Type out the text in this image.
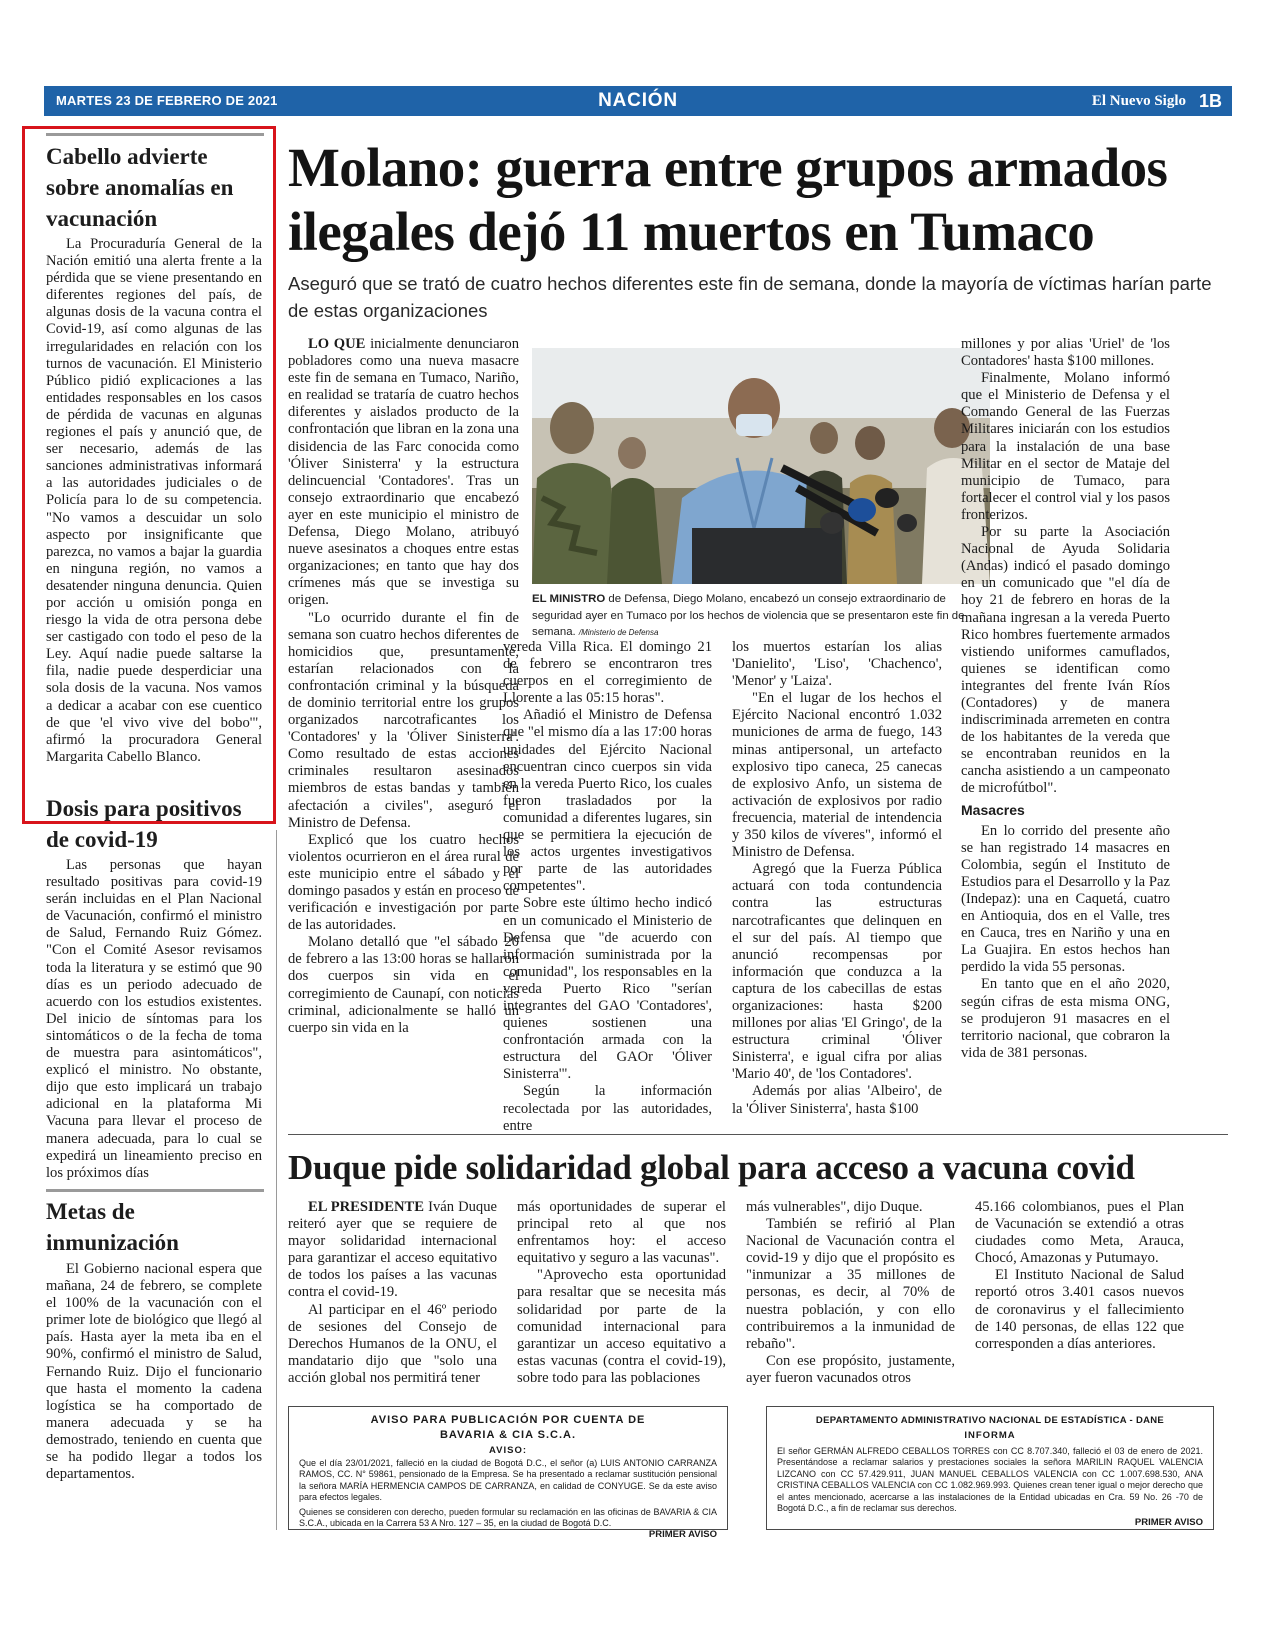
MARTES 23 DE FEBRERO DE 2021	NACIÓN	El Nuevo Siglo 1B
Cabello advierte sobre anomalías en vacunación

La Procuraduría General de la Nación emitió una alerta frente a la pérdida que se viene presentando en diferentes regiones del país, de algunas dosis de la vacuna contra el Covid-19, así como algunas de las irregularidades en relación con los turnos de vacunación. El Ministerio Público pidió explicaciones a las entidades responsables en los casos de pérdida de vacunas en algunas regiones el país y anunció que, de ser necesario, además de las sanciones administrativas informará a las autoridades judiciales o de Policía para lo de su competencia. "No vamos a descuidar un solo aspecto por insignificante que parezca, no vamos a bajar la guardia en ninguna región, no vamos a desatender ninguna denuncia. Quien por acción u omisión ponga en riesgo la vida de otra persona debe ser castigado con todo el peso de la Ley. Aquí nadie puede saltarse la fila, nadie puede desperdiciar una sola dosis de la vacuna. Nos vamos a dedicar a acabar con ese cuentico de que 'el vivo vive del bobo'", afirmó la procuradora General Margarita Cabello Blanco.

Dosis para positivos de covid-19

Las personas que hayan resultado positivas para covid-19 serán incluidas en el Plan Nacional de Vacunación, confirmó el ministro de Salud, Fernando Ruiz Gómez. "Con el Comité Asesor revisamos toda la literatura y se estimó que 90 días es un periodo adecuado de acuerdo con los estudios existentes. Del inicio de síntomas para los sintomáticos o de la fecha de toma de muestra para asintomáticos", explicó el ministro. No obstante, dijo que esto implicará un trabajo adicional en la plataforma Mi Vacuna para llevar el proceso de manera adecuada, para lo cual se expedirá un lineamiento preciso en los próximos días

Metas de inmunización

El Gobierno nacional espera que mañana, 24 de febrero, se complete el 100% de la vacunación con el primer lote de biológico que llegó al país. Hasta ayer la meta iba en el 90%, confirmó el ministro de Salud, Fernando Ruiz. Dijo el funcionario que hasta el momento la cadena logística se ha comportado de manera adecuada y se ha demostrado, teniendo en cuenta que se ha podido llegar a todos los departamentos.

Molano: guerra entre grupos armados ilegales dejó 11 muertos en Tumaco

Aseguró que se trató de cuatro hechos diferentes este fin de semana, donde la mayoría de víctimas harían parte de estas organizaciones

LO QUE inicialmente denunciaron pobladores como una nueva masacre este fin de semana en Tumaco, Nariño, en realidad se trataría de cuatro hechos diferentes y aislados producto de la confrontación que libran en la zona una disidencia de las Farc conocida como 'Óliver Sinisterra' y la estructura delincuencial 'Contadores'. Tras un consejo extraordinario que encabezó ayer en este municipio el ministro de Defensa, Diego Molano, atribuyó nueve asesinatos a choques entre estas organizaciones; en tanto que hay dos crímenes más que se investiga su origen.

"Lo ocurrido durante el fin de semana son cuatro hechos diferentes de homicidios que, presuntamente, estarían relacionados con la confrontación criminal y la búsqueda de dominio territorial entre los grupos organizados narcotraficantes los 'Contadores' y la 'Óliver Sinisterra'. Como resultado de estas acciones criminales resultaron asesinados miembros de estas bandas y también afectación a civiles", aseguró el Ministro de Defensa.

Explicó que los cuatro hechos violentos ocurrieron en el área rural de este municipio entre el sábado y el domingo pasados y están en proceso de verificación e investigación por parte de las autoridades.

Molano detalló que "el sábado 20 de febrero a las 13:00 horas se hallaron dos cuerpos sin vida en el corregimiento de Caunapí, con noticias criminal, adicionalmente se halló un cuerpo sin vida en la

EL MINISTRO de Defensa, Diego Molano, encabezó un consejo extraordinario de seguridad ayer en Tumaco por los hechos de violencia que se presentaron este fin de semana. /Ministerio de Defensa

vereda Villa Rica. El domingo 21 de febrero se encontraron tres cuerpos en el corregimiento de Llorente a las 05:15 horas".

Añadió el Ministro de Defensa que "el mismo día a las 17:00 horas unidades del Ejército Nacional encuentran cinco cuerpos sin vida en la vereda Puerto Rico, los cuales fueron trasladados por la comunidad a diferentes lugares, sin que se permitiera la ejecución de los actos urgentes investigativos por parte de las autoridades competentes".

Sobre este último hecho indicó en un comunicado el Ministerio de Defensa que "de acuerdo con información suministrada por la comunidad", los responsables en la vereda Puerto Rico "serían integrantes del GAO 'Contadores', quienes sostienen una confrontación armada con la estructura del GAOr 'Óliver Sinisterra'".

Según la información recolectada por las autoridades, entre

los muertos estarían los alias 'Danielito', 'Liso', 'Chachenco', 'Menor' y 'Laiza'.

"En el lugar de los hechos el Ejército Nacional encontró 1.032 municiones de arma de fuego, 143 minas antipersonal, un artefacto explosivo tipo caneca, 25 canecas de explosivo Anfo, un sistema de activación de explosivos por radio frecuencia, material de intendencia y 350 kilos de víveres", informó el Ministro de Defensa.

Agregó que la Fuerza Pública actuará con toda contundencia contra las estructuras narcotraficantes que delinquen en el sur del país. Al tiempo que anunció recompensas por información que conduzca a la captura de los cabecillas de estas organizaciones: hasta $200 millones por alias 'El Gringo', de la estructura criminal 'Óliver Sinisterra', e igual cifra por alias 'Mario 40', de 'los Contadores'.

Además por alias 'Albeiro', de la 'Óliver Sinisterra', hasta $100

millones y por alias 'Uriel' de 'los Contadores' hasta $100 millones.

Finalmente, Molano informó que el Ministerio de Defensa y el Comando General de las Fuerzas Militares iniciarán con los estudios para la instalación de una base Militar en el sector de Mataje del municipio de Tumaco, para fortalecer el control vial y los pasos fronterizos.

Por su parte la Asociación Nacional de Ayuda Solidaria (Andas) indicó el pasado domingo en un comunicado que "el día de hoy 21 de febrero en horas de la mañana ingresan a la vereda Puerto Rico hombres fuertemente armados vistiendo uniformes camuflados, quienes se identifican como integrantes del frente Iván Ríos (Contadores) y de manera indiscriminada arremeten en contra de los habitantes de la vereda que se encontraban reunidos en la cancha asistiendo a un campeonato de microfútbol".

Masacres

En lo corrido del presente año se han registrado 14 masacres en Colombia, según el Instituto de Estudios para el Desarrollo y la Paz (Indepaz): una en Caquetá, cuatro en Antioquia, dos en el Valle, tres en Cauca, tres en Nariño y una en La Guajira. En estos hechos han perdido la vida 55 personas.

En tanto que en el año 2020, según cifras de esta misma ONG, se produjeron 91 masacres en el territorio nacional, que cobraron la vida de 381 personas.

Duque pide solidaridad global para acceso a vacuna covid

EL PRESIDENTE Iván Duque reiteró ayer que se requiere de mayor solidaridad internacional para garantizar el acceso equitativo de todos los países a las vacunas contra el covid-19.

Al participar en el 46º periodo de sesiones del Consejo de Derechos Humanos de la ONU, el mandatario dijo que "solo una acción global nos permitirá tener

más oportunidades de superar el principal reto al que nos enfrentamos hoy: el acceso equitativo y seguro a las vacunas".

"Aprovecho esta oportunidad para resaltar que se necesita más solidaridad por parte de la comunidad internacional para garantizar un acceso equitativo a estas vacunas (contra el covid-19), sobre todo para las poblaciones

más vulnerables", dijo Duque.

También se refirió al Plan Nacional de Vacunación contra el covid-19 y dijo que el propósito es "inmunizar a 35 millones de personas, es decir, al 70% de nuestra población, y con ello contribuiremos a la inmunidad de rebaño".

Con ese propósito, justamente, ayer fueron vacunados otros

45.166 colombianos, pues el Plan de Vacunación se extendió a otras ciudades como Meta, Arauca, Chocó, Amazonas y Putumayo.

El Instituto Nacional de Salud reportó otros 3.401 casos nuevos de coronavirus y el fallecimiento de 140 personas, de ellas 122 que corresponden a días anteriores.

AVISO PARA PUBLICACIÓN POR CUENTA DE

BAVARIA & CIA S.C.A.

AVISO:

Que el día 23/01/2021, falleció en la ciudad de Bogotá D.C., el señor (a) LUIS ANTONIO CARRANZA RAMOS, CC. N° 59861, pensionado de la Empresa. Se ha presentado a reclamar sustitución pensional la señora MARÍA HERMENCIA CAMPOS DE CARRANZA, en calidad de CONYUGE. Se da este aviso para efectos legales.

Quienes se consideren con derecho, pueden formular su reclamación en las oficinas de BAVARIA & CIA S.C.A., ubicada en la Carrera 53 A Nro. 127 – 35, en la ciudad de Bogotá D.C.

PRIMER AVISO

DEPARTAMENTO ADMINISTRATIVO NACIONAL DE ESTADÍSTICA - DANE

INFORMA

El señor GERMÁN ALFREDO CEBALLOS TORRES con CC 8.707.340, falleció el 03 de enero de 2021. Presentándose a reclamar salarios y prestaciones sociales la señora MARILIN RAQUEL VALENCIA LIZCANO con CC 57.429.911, JUAN MANUEL CEBALLOS VALENCIA con CC 1.007.698.530, ANA CRISTINA CEBALLOS VALENCIA con CC 1.082.969.993. Quienes crean tener igual o mejor derecho que el antes mencionado, acercarse a las instalaciones de la Entidad ubicadas en Cra. 59 No. 26 -70 de Bogotá D.C., a fin de reclamar sus derechos.

PRIMER AVISO
